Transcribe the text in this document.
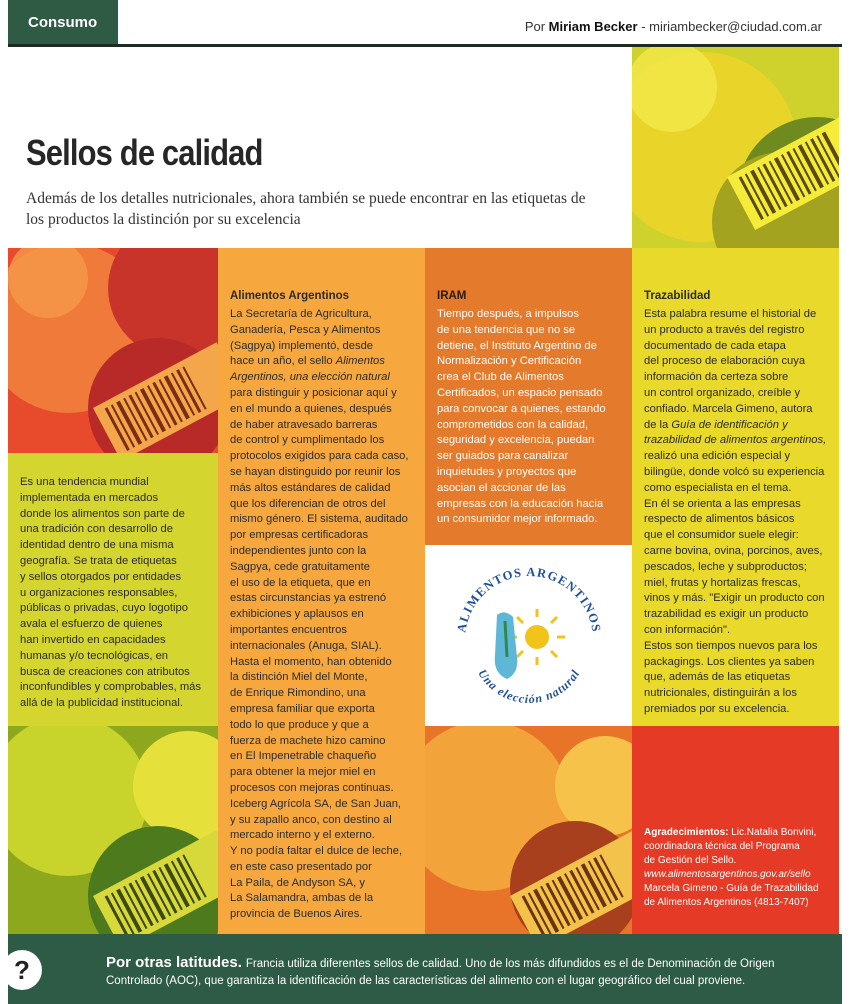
Consumo	Por Miriam Becker - miriambecker@ciudad.com.ar
Sellos de calidad

Además de los detalles nutricionales, ahora también se puede encontrar en las etiquetas de los productos la distinción por su excelencia

Es una tendencia mundial
implementada en mercados
donde los alimentos son parte de
una tradición con desarrollo de
identidad dentro de una misma
geografía. Se trata de etiquetas
y sellos otorgados por entidades
u organizaciones responsables,
públicas o privadas, cuyo logotipo
avala el esfuerzo de quienes
han invertido en capacidades
humanas y/o tecnológicas, en
busca de creaciones con atributos
inconfundibles y comprobables, más
allá de la publicidad institucional.

Alimentos Argentinos

La Secretaría de Agricultura,
Ganadería, Pesca y Alimentos
(Sagpya) implementó, desde
hace un año, el sello Alimentos
Argentinos, una elección natural
para distinguir y posicionar aquí y
en el mundo a quienes, después
de haber atravesado barreras
de control y cumplimentado los
protocolos exigidos para cada caso,
se hayan distinguido por reunir los
más altos estándares de calidad
que los diferencian de otros del
mismo género. El sistema, auditado
por empresas certificadoras
independientes junto con la
Sagpya, cede gratuitamente
el uso de la etiqueta, que en
estas circunstancias ya estrenó
exhibiciones y aplausos en
importantes encuentros
internacionales (Anuga, SIAL).
Hasta el momento, han obtenido
la distinción Miel del Monte,
de Enrique Rimondino, una
empresa familiar que exporta
todo lo que produce y que a
fuerza de machete hizo camino
en El Impenetrable chaqueño
para obtener la mejor miel en
procesos con mejoras continuas.
Iceberg Agrícola SA, de San Juan,
y su zapallo anco, con destino al
mercado interno y el externo.
Y no podía faltar el dulce de leche,
en este caso presentado por
La Paila, de Andyson SA, y
La Salamandra, ambas de la
provincia de Buenos Aires.

IRAM

Tiempo después, a impulsos
de una tendencia que no se
detiene, el Instituto Argentino de
Normalización y Certificación
crea el Club de Alimentos
Certificados, un espacio pensado
para convocar a quienes, estando
comprometidos con la calidad,
seguridad y excelencia, puedan
ser guiados para canalizar
inquietudes y proyectos que
asocian el accionar de las
empresas con la educación hacia
un consumidor mejor informado.

ALIMENTOS ARGENTINOS
Una elección natural
Trazabilidad

Esta palabra resume el historial de
un producto a través del registro
documentado de cada etapa
del proceso de elaboración cuya
información da certeza sobre
un control organizado, creíble y
confiado. Marcela Gimeno, autora
de la Guía de identificación y
trazabilidad de alimentos argentinos,
realizó una edición especial y
bilingüe, donde volcó su experiencia
como especialista en el tema.
En él se orienta a las empresas
respecto de alimentos básicos
que el consumidor suele elegir:
carne bovina, ovina, porcinos, aves,
pescados, leche y subproductos;
miel, frutas y hortalizas frescas,
vinos y más. "Exigir un producto con
trazabilidad es exigir un producto
con información".
Estos son tiempos nuevos para los
packagings. Los clientes ya saben
que, además de las etiquetas
nutricionales, distinguirán a los
premiados por su excelencia.

Agradecimientos: Lic.Natalia Bonvini,
coordinadora técnica del Programa
de Gestión del Sello.
www.alimentosargentinos.gov.ar/sello
Marcela Gimeno - Guía de Trazabilidad
de Alimentos Argentinos (4813-7407)
?	Por otras latitudes. Francia utiliza diferentes sellos de calidad. Uno de los más difundidos es el de Denominación de Origen Controlado (AOC), que garantiza la identificación de las características del alimento con el lugar geográfico del cual proviene.
